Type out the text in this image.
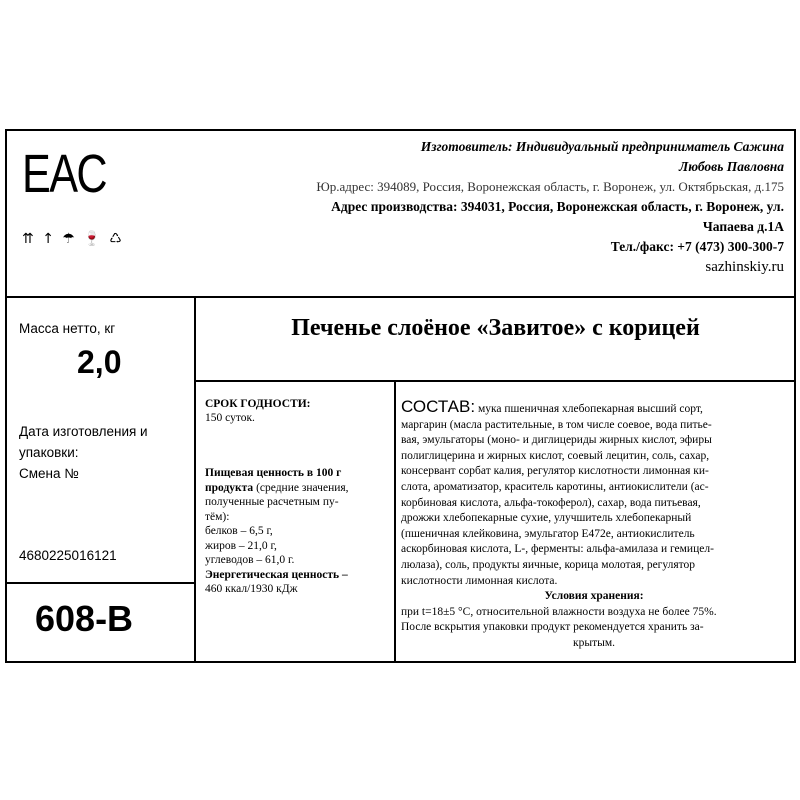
EAC
⇈ ↑ ☂ 🍷 ♺
Изготовитель: Индивидуальный предприниматель Сажина
Любовь Павловна
Юр.адрес: 394089, Россия, Воронежская область, г. Воронеж, ул. Октябрьская, д.175
Адрес производства: 394031, Россия, Воронежская область, г. Воронеж, ул.
Чапаева д.1А
Тел./факс: +7 (473) 300-300-7
sazhinskiy.ru
Масса нетто, кг
2,0
Дата изготовления и
упаковки:
Смена №
4680225016121
608-В
Печенье слоёное «Завитое» с корицей
СРОК ГОДНОСТИ:
150 суток.
Пищевая ценность в 100 г
продукта (средние значения,
полученные расчетным пу-
тём):
белков – 6,5 г,
жиров – 21,0 г,
углеводов – 61,0 г.
Энергетическая ценность –
460 ккал/1930 кДж
СОСТАВ: мука пшеничная хлебопекарная высший сорт,
маргарин (масла растительные, в том числе соевое, вода питье-
вая, эмульгаторы (моно- и диглицериды жирных кислот, эфиры
полиглицерина и жирных кислот, соевый лецитин, соль, сахар,
консервант сорбат калия, регулятор кислотности лимонная ки-
слота, ароматизатор, краситель каротины, антиокислители (ас-
корбиновая кислота, альфа-токоферол), сахар, вода питьевая,
дрожжи хлебопекарные сухие, улучшитель хлебопекарный
(пшеничная клейковина, эмульгатор Е472е, антиокислитель
аскорбиновая кислота, L-, ферменты: альфа-амилаза и гемицел-
люлаза), соль, продукты яичные, корица молотая, регулятор
кислотности лимонная кислота.
Условия хранения:
при t=18±5 °С, относительной влажности воздуха не более 75%.
После вскрытия упаковки продукт рекомендуется хранить за-
крытым.
